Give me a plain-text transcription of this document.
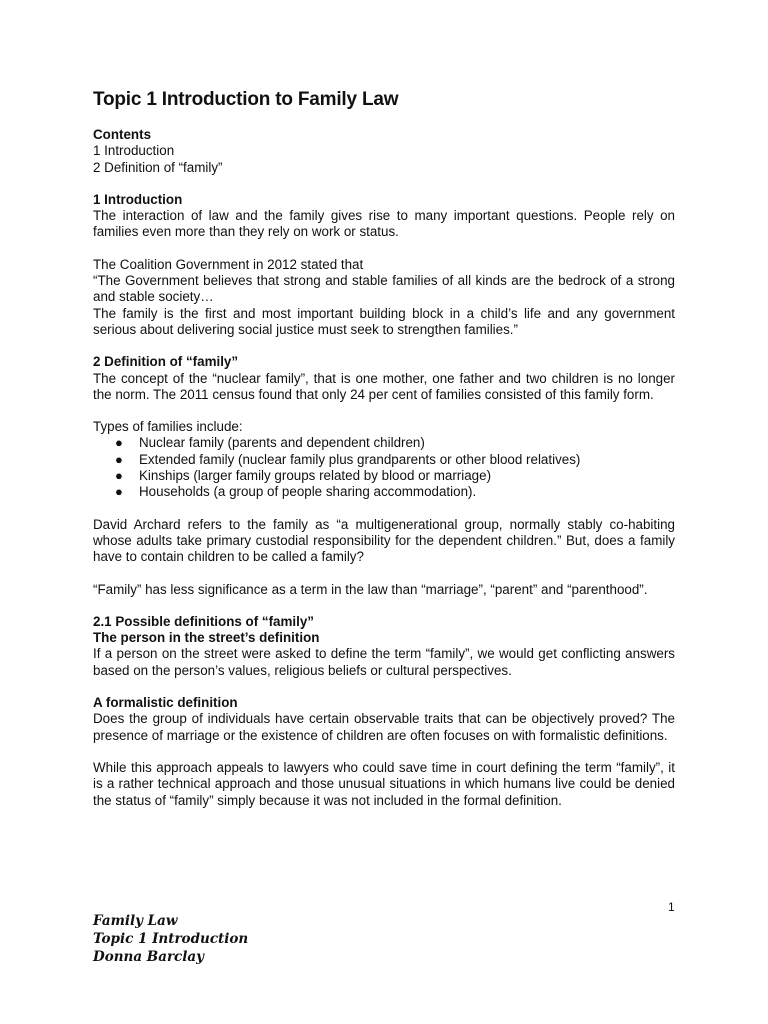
Topic 1 Introduction to Family Law
Contents
1 Introduction
2 Definition of “family”
1 Introduction

The interaction of law and the family gives rise to many important questions. People rely on families even more than they rely on work or status.

The Coalition Government in 2012 stated that

“The Government believes that strong and stable families of all kinds are the bedrock of a strong and stable society…

The family is the first and most important building block in a child’s life and any government serious about delivering social justice must seek to strengthen families.”

2 Definition of “family”

The concept of the “nuclear family”, that is one mother, one father and two children is no longer the norm. The 2011 census found that only 24 per cent of families consisted of this family form.

Types of families include:
● Nuclear family (parents and dependent children)
● Extended family (nuclear family plus grandparents or other blood relatives)
● Kinships (larger family groups related by blood or marriage)
● Households (a group of people sharing accommodation).

David Archard refers to the family as “a multigenerational group, normally stably co-habiting whose adults take primary custodial responsibility for the dependent children.” But, does a family have to contain children to be called a family?

“Family” has less significance as a term in the law than “marriage”, “parent” and “parenthood”.

2.1 Possible definitions of “family”
The person in the street’s definition

If a person on the street were asked to define the term “family”, we would get conflicting answers based on the person’s values, religious beliefs or cultural perspectives.

A formalistic definition

Does the group of individuals have certain observable traits that can be objectively proved? The presence of marriage or the existence of children are often focuses on with formalistic definitions.

While this approach appeals to lawyers who could save time in court defining the term “family”, it is a rather technical approach and those unusual situations in which humans live could be denied the status of “family” simply because it was not included in the formal definition.

1
Family Law
Topic 1 Introduction
Donna Barclay
